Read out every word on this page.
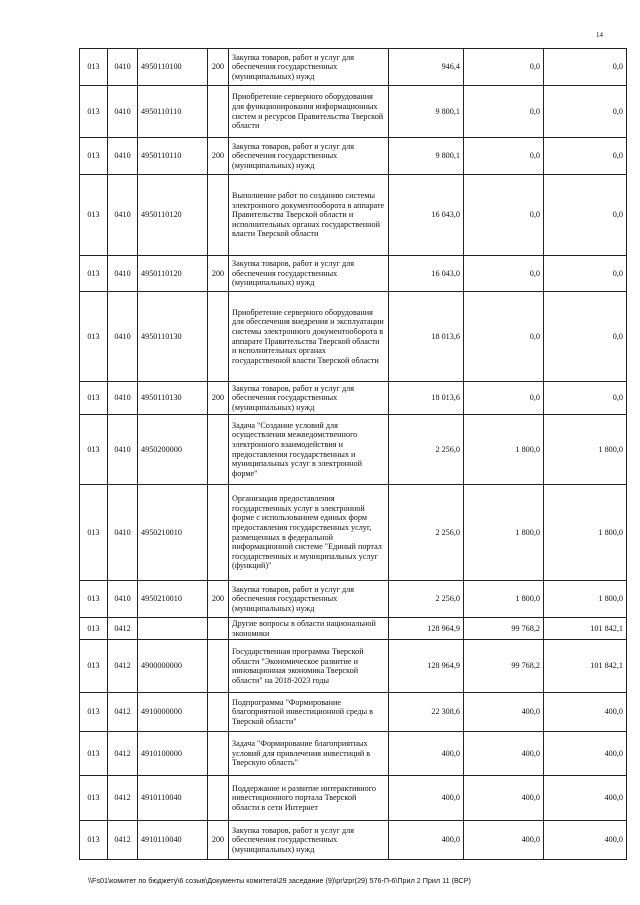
14
013	0410	4950110100	200	Закупка товаров, работ и услуг для обеспечения государственных (муниципальных) нужд	946,4	0,0	0,0
013	0410	4950110110		Приобретение серверного оборудования для функционирования информационных систем и ресурсов Правительства Тверской области	9 800,1	0,0	0,0
013	0410	4950110110	200	Закупка товаров, работ и услуг для обеспечения государственных (муниципальных) нужд	9 800,1	0,0	0,0
013	0410	4950110120		Выполнение работ по созданию системы электронного документооборота в аппарате Правительства Тверской области и исполнительных органах государственной власти Тверской области	16 043,0	0,0	0,0
013	0410	4950110120	200	Закупка товаров, работ и услуг для обеспечения государственных (муниципальных) нужд	16 043,0	0,0	0,0
013	0410	4950110130		Приобретение серверного оборудования для обеспечения внедрения и эксплуатации системы электронного документооборота в аппарате Правительства Тверской области и исполнительных органах государственной власти Тверской области	18 013,6	0,0	0,0
013	0410	4950110130	200	Закупка товаров, работ и услуг для обеспечения государственных (муниципальных) нужд	18 013,6	0,0	0,0
013	0410	4950200000		Задача "Создание условий для осуществления межведомственного электронного взаимодействия и предоставления государственных и муниципальных услуг в электронной форме"	2 256,0	1 800,0	1 800,0
013	0410	4950210010		Организация предоставления государственных услуг в электронной форме с использованием единых форм предоставления государственных услуг, размещенных в федеральной информационной системе "Единый портал государственных и муниципальных услуг (функций)"	2 256,0	1 800,0	1 800,0
013	0410	4950210010	200	Закупка товаров, работ и услуг для обеспечения государственных (муниципальных) нужд	2 256,0	1 800,0	1 800,0
013	0412			Другие вопросы в области национальной экономики	128 964,9	99 768,2	101 842,1
013	0412	4900000000		Государственная программа Тверской области "Экономическое развитие и инновационная экономика Тверской области" на 2018-2023 годы	128 964,9	99 768,2	101 842,1
013	0412	4910000000		Подпрограмма "Формирование благоприятной инвестиционной среды в Тверской области"	22 308,6	400,0	400,0
013	0412	4910100000		Задача "Формирование благоприятных условий для привлечения инвестиций в Тверскую область"	400,0	400,0	400,0
013	0412	4910110040		Поддержание и развитие интерактивного инвестиционного портала Тверской области в сети Интернет	400,0	400,0	400,0
013	0412	4910110040	200	Закупка товаров, работ и услуг для обеспечения государственных (муниципальных) нужд	400,0	400,0	400,0
\\Fs01\комитет по бюджету\6 созыв\Документы комитета\29 заседание (9)\pr\zpr(29) 576-П-6\Прил 2 Прил 11 (ВСР)
